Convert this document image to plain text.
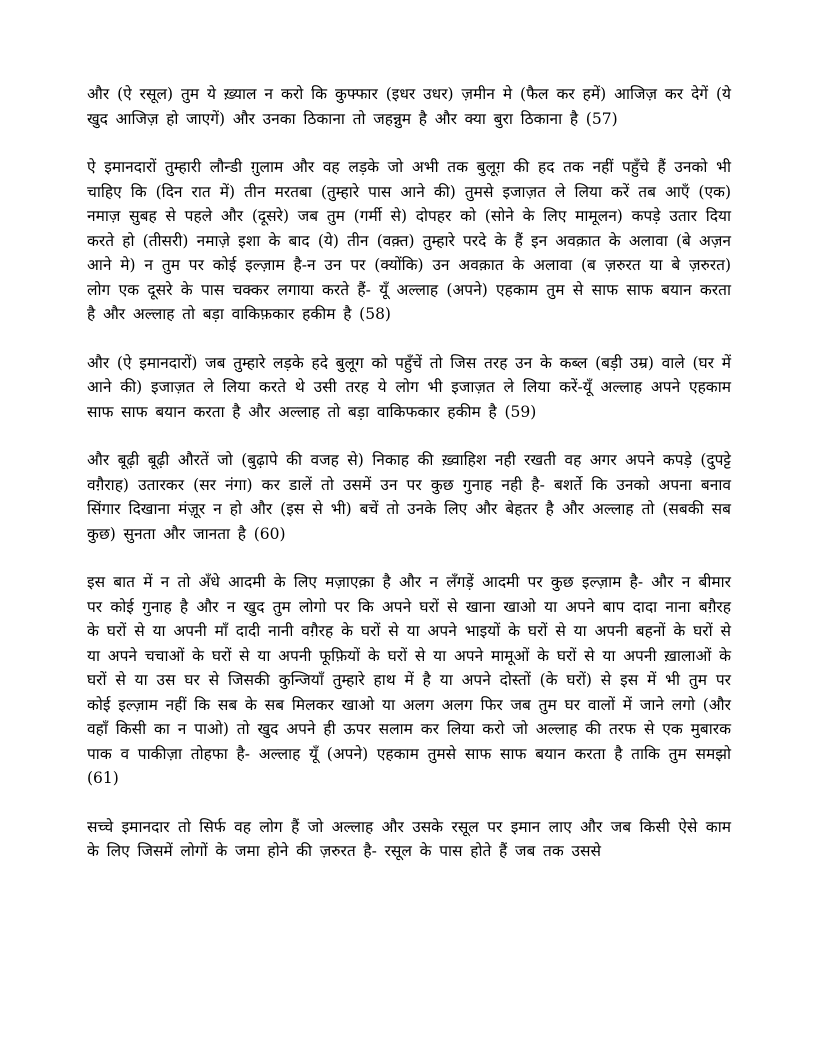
और (ऐ रसूल) तुम ये ख़्याल न करो कि कुफ्फार (इधर उधर) ज़मीन मे (फैल कर हमें) आजिज़ कर देगें (ये खुद आजिज़ हो जाएगें) और उनका ठिकाना तो जहन्नुम है और क्या बुरा ठिकाना है (57)

ऐ इमानदारों तुम्हारी लौन्डी ग़ुलाम और वह लड़के जो अभी तक बुलूग़ की हद तक नहीं पहुँचे हैं उनको भी चाहिए कि (दिन रात में) तीन मरतबा (तुम्हारे पास आने की) तुमसे इजाज़त ले लिया करें तब आएँ (एक) नमाज़ सुबह से पहले और (दूसरे) जब तुम (गर्मी से) दोपहर को (सोने के लिए मामूलन) कपड़े उतार दिया करते हो (तीसरी) नमाज़े इशा के बाद (ये) तीन (वक़्त) तुम्हारे परदे के हैं इन अवक़ात के अलावा (बे अज़न आने मे) न तुम पर कोई इल्ज़ाम है-न उन पर (क्योंकि) उन अवक़ात के अलावा (ब ज़रुरत या बे ज़रुरत) लोग एक दूसरे के पास चक्कर लगाया करते हैं- यूँ अल्लाह (अपने) एहकाम तुम से साफ साफ बयान करता है और अल्लाह तो बड़ा वाकिफ़कार हकीम है (58)

और (ऐ इमानदारों) जब तुम्हारे लड़के हदे बुलूग को पहुँचें तो जिस तरह उन के कब्ल (बड़ी उम्र) वाले (घर में आने की) इजाज़त ले लिया करते थे उसी तरह ये लोग भी इजाज़त ले लिया करें-यूँ अल्लाह अपने एहकाम साफ साफ बयान करता है और अल्लाह तो बड़ा वाकिफकार हकीम है (59)

और बूढ़ी बूढ़ी औरतें जो (बुढ़ापे की वजह से) निकाह की ख़्वाहिश नही रखती वह अगर अपने कपड़े (दुपट्टे वग़ैराह) उतारकर (सर नंगा) कर डालें तो उसमें उन पर कुछ गुनाह नही है- बशर्ते कि उनको अपना बनाव सिंगार दिखाना मंज़ूर न हो और (इस से भी) बचें तो उनके लिए और बेहतर है और अल्लाह तो (सबकी सब कुछ) सुनता और जानता है (60)

इस बात में न तो अँधे आदमी के लिए मज़ाएक़ा है और न लँगड़ें आदमी पर कुछ इल्ज़ाम है- और न बीमार पर कोई गुनाह है और न खुद तुम लोगो पर कि अपने घरों से खाना खाओ या अपने बाप दादा नाना बग़ैरह के घरों से या अपनी माँ दादी नानी वग़ैरह के घरों से या अपने भाइयों के घरों से या अपनी बहनों के घरों से या अपने चचाओं के घरों से या अपनी फूफ़ियों के घरों से या अपने मामूओं के घरों से या अपनी ख़ालाओं के घरों से या उस घर से जिसकी कुन्जियाँ तुम्हारे हाथ में है या अपने दोस्तों (के घरों) से इस में भी तुम पर कोई इल्ज़ाम नहीं कि सब के सब मिलकर खाओ या अलग अलग फिर जब तुम घर वालों में जाने लगो (और वहाँ किसी का न पाओ) तो खुद अपने ही ऊपर सलाम कर लिया करो जो अल्लाह की तरफ से एक मुबारक पाक व पाकीज़ा तोहफा है- अल्लाह यूँ (अपने) एहकाम तुमसे साफ साफ बयान करता है ताकि तुम समझो (61)

सच्चे इमानदार तो सिर्फ वह लोग हैं जो अल्लाह और उसके रसूल पर इमान लाए और जब किसी ऐसे काम के लिए जिसमें लोगों के जमा होने की ज़रुरत है- रसूल के पास होते हैं जब तक उससे
